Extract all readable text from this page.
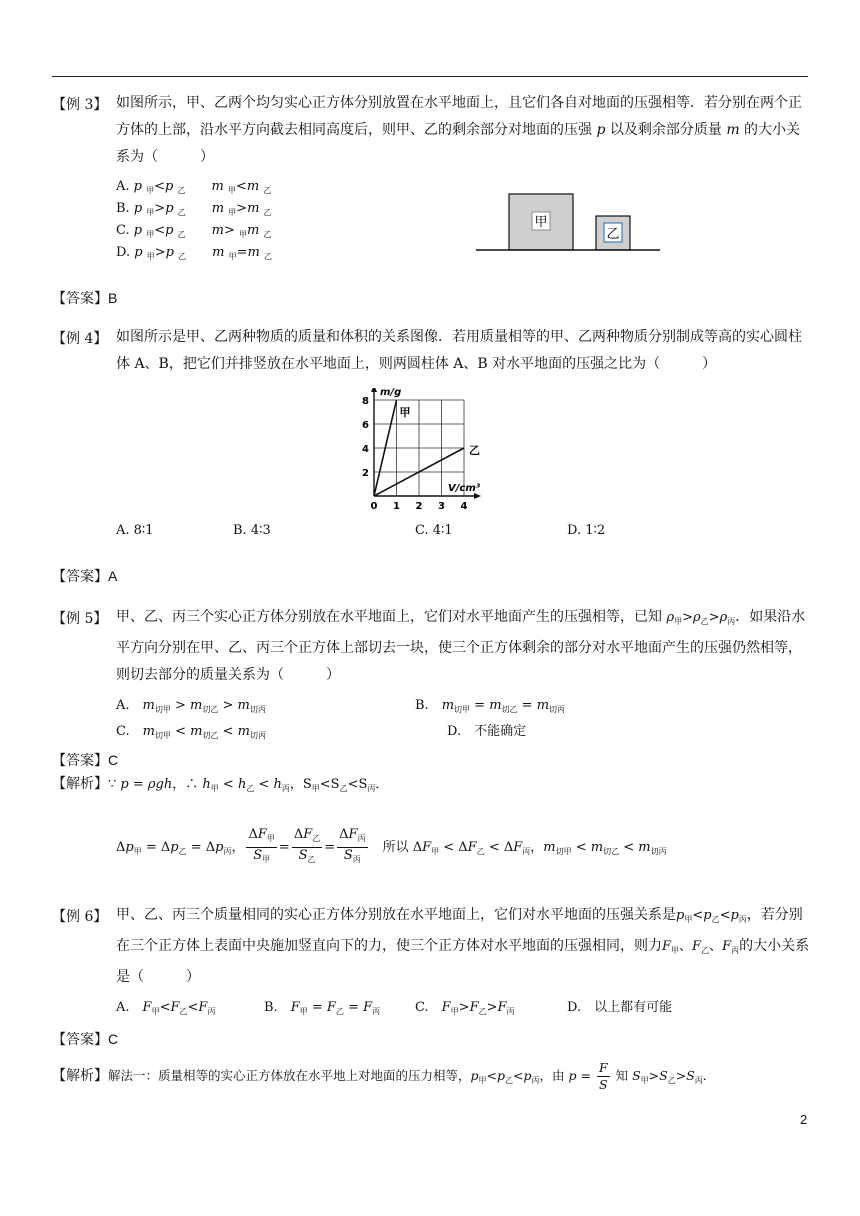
【例 3】 如图所示，甲、乙两个均匀实心正方体分别放置在水平地面上，且它们各自对地面的压强相等．若分别在两个正方体的上部，沿水平方向截去相同高度后，则甲、乙的剩余部分对地面的压强 p 以及剩余部分质量 m 的大小关系为（　　　）
A. p $_甲$<p $_乙$　　 m $_甲$<m $_乙$
B. p $_甲$>p $_乙$　　 m $_甲$>m $_乙$
C. p $_甲$<p $_乙$　　 m> $_甲$m $_乙$
D. p $_甲$>p $_乙$　　 m $_甲$=m $_乙$
甲
乙
【答案】B
【例 4】 如图所示是甲、乙两种物质的质量和体积的关系图像．若用质量相等的甲、乙两种物质分别制成等高的实心圆柱体 A、B，把它们并排竖放在水平地面上，则两圆柱体 A、B 对水平地面的压强之比为（　　　）
m/g
V/cm³
甲
乙
0 1 2 3 4
2
4
6
8
A. 8∶1	B. 4∶3	C. 4∶1	D. 1∶2
【答案】A
【例 5】 甲、乙、丙三个实心正方体分别放在水平地面上，它们对水平地面产生的压强相等，已知 $\rho_甲>\rho_乙>\rho_丙$．如果沿水平方向分别在甲、乙、丙三个正方体上部切去一块，使三个正方体剩余的部分对水平地面产生的压强仍然相等，则切去部分的质量关系为（　　　）
A.　$m_{切甲} > m_{切乙} > m_{切丙}$	B.　$m_{切甲} = m_{切乙} = m_{切丙}$
C.　$m_{切甲} < m_{切乙} < m_{切丙}$	D.　不能确定
【答案】C
【解析】∵ p = ρgh，∴ $h_甲 < h_乙 < h_丙$，$S_甲<S_乙<S_丙$．
$\Delta p_甲 = \Delta p_乙 = \Delta p_丙$， $\frac{\Delta F_甲}{S_甲} = \frac{\Delta F_乙}{S_乙} = \frac{\Delta F_丙}{S_丙}$ 　所以 $\Delta F_甲 < \Delta F_乙 < \Delta F_丙$，$m_{切甲} < m_{切乙} < m_{切丙}$
【例 6】 甲、乙、丙三个质量相同的实心正方体分别放在水平地面上，它们对水平地面的压强关系是$p_甲<p_乙<p_丙$，若分别在三个正方体上表面中央施加竖直向下的力，使三个正方体对水平地面的压强相同，则力$F_甲$、$F_乙$、$F_丙$的大小关系是（　　　）
A.　$F_甲<F_乙<F_丙$	B.　$F_甲 = F_乙 = F_丙$	C.　$F_甲>F_乙>F_丙$	D.　以上都有可能
【答案】C
【解析】解法一：质量相等的实心正方体放在水平地上对地面的压力相等，$p_甲<p_乙<p_丙$，由 $p = \frac{F}{S}$ 知 $S_甲>S_乙>S_丙$．
2
